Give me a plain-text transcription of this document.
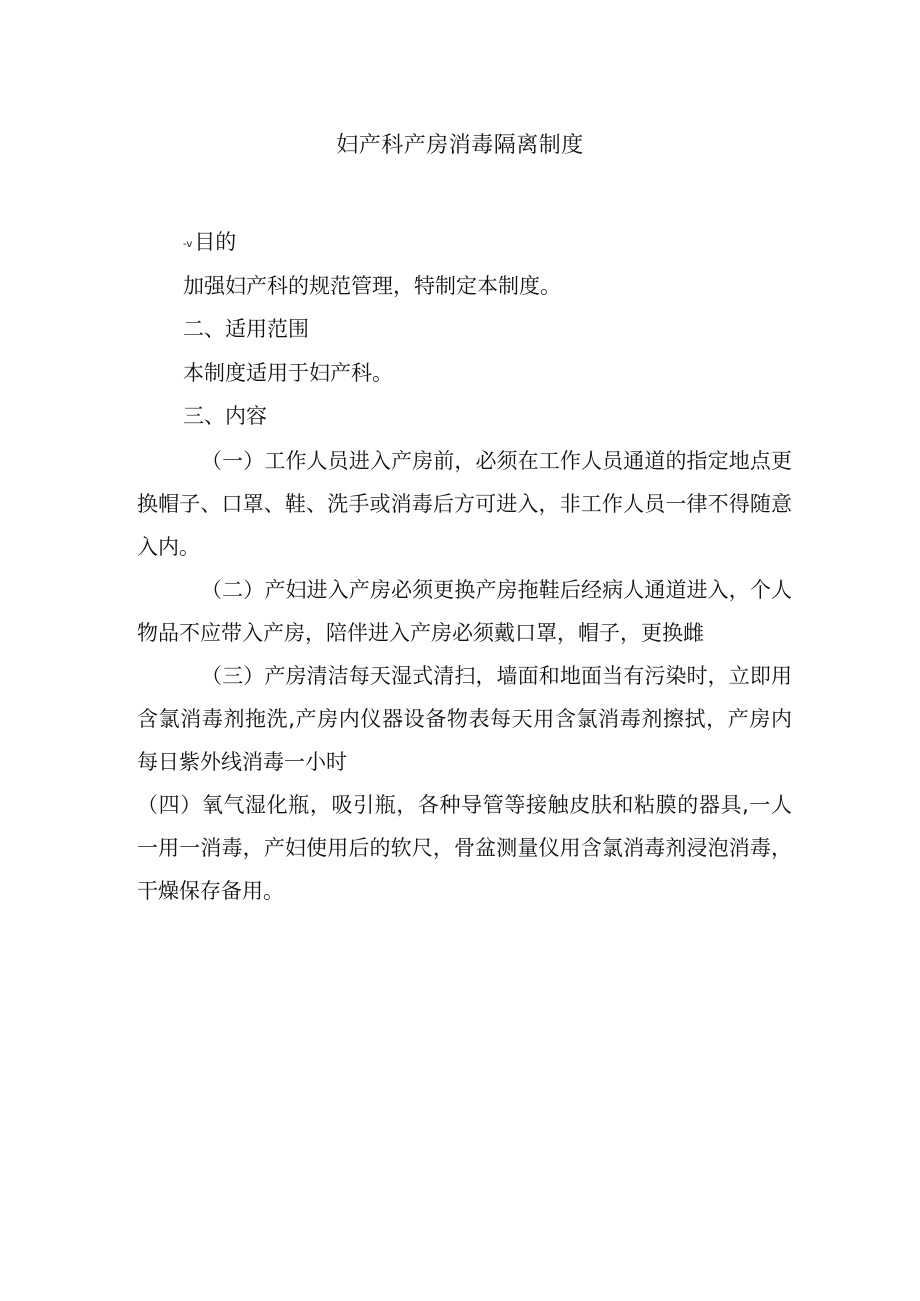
妇产科产房消毒隔离制度
-v目的
加强妇产科的规范管理，特制定本制度。
二、适用范围
本制度适用于妇产科。
三、内容
（一）工作人员进入产房前，必须在工作人员通道的指定地点更换帽子、口罩、鞋、洗手或消毒后方可进入，非工作人员一律不得随意入内。
（二）产妇进入产房必须更换产房拖鞋后经病人通道进入，个人物品不应带入产房，陪伴进入产房必须戴口罩，帽子，更换雌
（三）产房清洁每天湿式清扫，墙面和地面当有污染时，立即用含氯消毒剂拖洗,产房内仪器设备物表每天用含氯消毒剂擦拭，产房内每日紫外线消毒一小时
（四）氧气湿化瓶，吸引瓶，各种导管等接触皮肤和粘膜的器具,一人一用一消毒，产妇使用后的软尺，骨盆测量仪用含氯消毒剂浸泡消毒，干燥保存备用。
